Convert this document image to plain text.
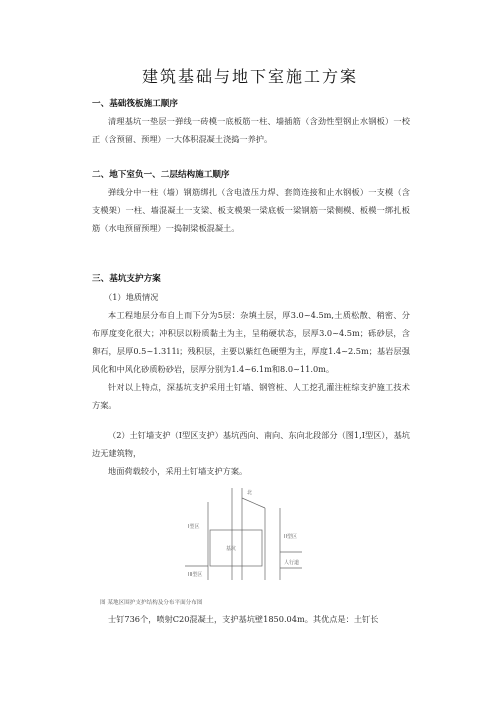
建筑基础与地下室施工方案
一、基础筏板施工顺序

清理基坑一垫层一弹线一砖模一底板筋一柱、墙插筋（含劲性型钢止水钢板）一校正（含预留、预埋）一大体积混凝土浇捣一养护。

二、地下室负一、二层结构施工顺序

弹线分中一柱（墙）钢筋绑扎（含电渣压力焊、套筒连接和止水钢板）一支模（含支模架）一柱、墙混凝土一支梁、板支模架一梁底板一梁钢筋一梁侧模、板模一绑扎板筋（水电预留预埋）一捣制梁板混凝土。

三、基坑支护方案
（1）地质情况

本工程地层分布自上而下分为5层：杂填土层，厚3.0~4.5m,土质松散、稍密、分布厚度变化很大；冲积层以粉质黏土为主，呈稍硬状态，层厚3.0~4.5m；砾砂层，含卵石，层厚0.5~1.311i；残积层，主要以紫红色硬塑为主，厚度1.4~2.5m；基岩层强风化和中风化砂质粉砂岩，层厚分别为1.4~6.1m和8.0~11.0m。

针对以上特点，深基坑支护采用土钉墙、钢管桩、人工挖孔灌注桩综支护施工技术方案。

（2）土钉墙支护（I型区支护）基坑西向、南向、东向北段部分（图1,I型区），基坑边无建筑物，

地面荷载较小，采用土钉墙支护方案。

I型区
II型区
基坑
北
人行道
III型区
图 某地区围护支护结构及分布平面分布图

士钉736个，喷射C20混凝土，支护基坑壁1850.04m。其优点是：土钉长
